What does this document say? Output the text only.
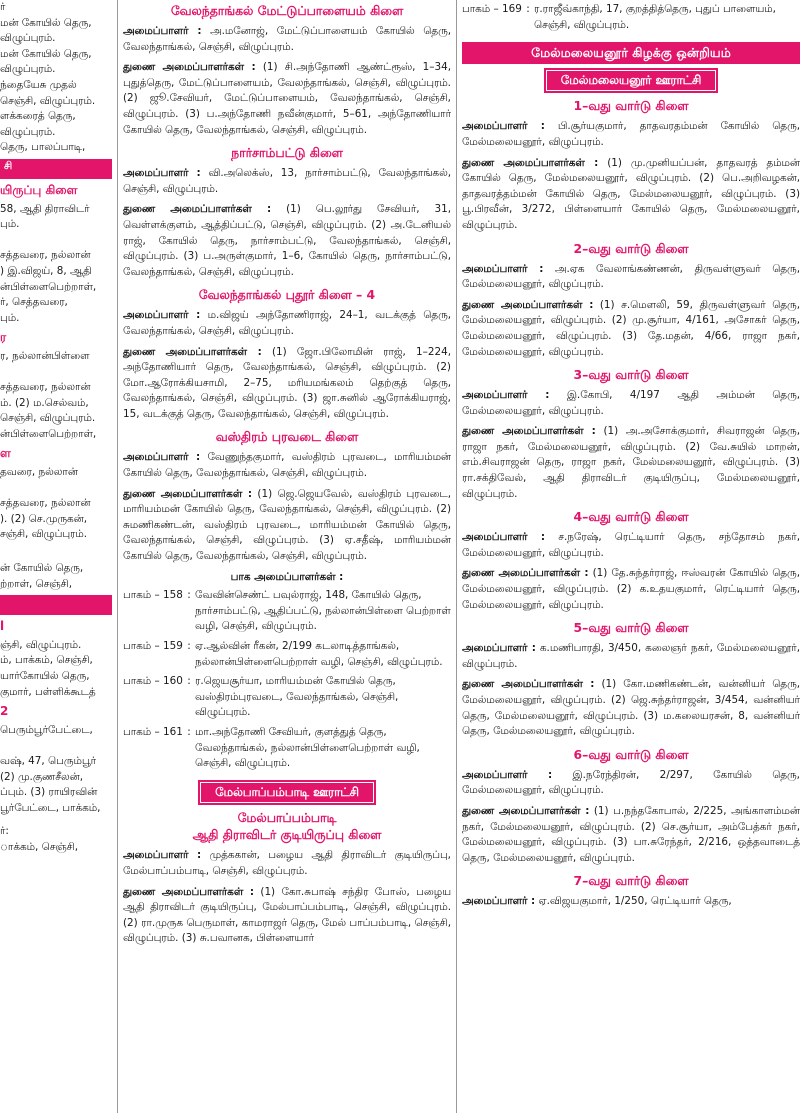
ர்
மன் கோயில் தெரு,
விழுப்புரம்.
மன் கோயில் தெரு,
விழுப்புரம்.
ந்தையேசு முதல்
செஞ்சி, விழுப்புரம்.
ளக்கரைத் தெரு,
விழுப்புரம்.
தெரு, பாலப்பாடி,
சி
யிருப்பு கிளை
58, ஆதி திராவிடர்
பும்.
சத்தவரை, நல்லான்
) இ.விஜய், 8, ஆதி
ன்பிள்ளைபெற்றாள்,
ர், செத்தவரை,
பும்.
ர
ர, நல்லான்பிள்ளை
சத்தவரை, நல்லான்
ம். (2) ம.செல்வம்,
செஞ்சி, விழுப்புரம்.
ன்பிள்ளைபெற்றாள்,
ள
தவரை, நல்லான்
சத்தவரை, நல்லான்
). (2) செ.முருகன்,
சஞ்சி, விழுப்புரம்.
ன் கோயில் தெரு,
ற்றாள், செஞ்சி,
l
ஞ்சி, விழுப்புரம்.
ம், பாக்கம், செஞ்சி,
யார்கோயில் தெரு,
குமார், பள்ளிக்கூடத்
2
பெரும்பூர்பேட்டை,
வஷ், 47, பெரும்பூர்
(2) மு.குணசீலன்,
ப்பும். (3) ராயிரவின்
பூர்பேட்டை, பாக்கம்,
ர்:
ாக்கம், செஞ்சி,
வேலந்தாங்கல் மேட்டுப்பாளையம் கிளை

அமைப்பாளர் : அ.மனோஜ், மேட்டுப்பாளையம் கோயில் தெரு, வேலந்தாங்கல், செஞ்சி, விழுப்புரம்.

துணை அமைப்பாளர்கள் : (1) சி.அந்தோணி ஆண்ட்ரூஸ், 1–34, புதுத்தெரு, மேட்டுப்பாளையம், வேலந்தாங்கல், செஞ்சி, விழுப்புரம். (2) ஜூ.சேவியர், மேட்டுப்பாளையம், வேலந்தாங்கல், செஞ்சி, விழுப்புரம். (3) ப.அந்தோணி நவீன்குமார், 5–61, அந்தோணியார் கோயில் தெரு, வேலந்தாங்கல், செஞ்சி, விழுப்புரம்.

நார்சாம்பட்டு கிளை

அமைப்பாளர் : வி.அலெக்ஸ், 13, நார்சாம்பட்டு, வேலந்தாங்கல், செஞ்சி, விழுப்புரம்.

துணை அமைப்பாளர்கள் : (1) பெ.லூர்து சேவியர், 31, வெள்ளக்குளம், ஆத்திப்பட்டு, செஞ்சி, விழுப்புரம். (2) அ.டேனியல் ராஜ், கோயில் தெரு, நார்சாம்பட்டு, வேலந்தாங்கல், செஞ்சி, விழுப்புரம். (3) ப.அருள்குமார், 1–6, கோயில் தெரு, நார்சாம்பட்டு, வேலந்தாங்கல், செஞ்சி, விழுப்புரம்.

வேலந்தாங்கல் புதூர் கிளை – 4

அமைப்பாளர் : ம.விஜய் அந்தோணிராஜ், 24–1, வடக்குத் தெரு, வேலந்தாங்கல், செஞ்சி, விழுப்புரம்.

துணை அமைப்பாளர்கள் : (1) ஜோ.பிலோமின் ராஜ், 1–224, அந்தோணியார் தெரு, வேலந்தாங்கல், செஞ்சி, விழுப்புரம். (2) மோ.ஆரோக்கியசாமி, 2–75, மரியமங்கலம் தெற்குத் தெரு, வேலந்தாங்கல், செஞ்சி, விழுப்புரம். (3) ஜா.சுனில் ஆரோக்கியராஜ், 15, வடக்குத் தெரு, வேலந்தாங்கல், செஞ்சி, விழுப்புரம்.

வஸ்திரம் புரவடை கிளை

அமைப்பாளர் : வேணுந்தகுமார், வஸ்திரம் புரவடை, மாரியம்மன் கோயில் தெரு, வேலந்தாங்கல், செஞ்சி, விழுப்புரம்.

துணை அமைப்பாளர்கள் : (1) ஜெ.ஜெயவேல், வஸ்திரம் புரவடை, மாரியம்மன் கோயில் தெரு, வேலந்தாங்கல், செஞ்சி, விழுப்புரம். (2) சுமணிகண்டன், வஸ்திரம் புரவடை, மாரியம்மன் கோயில் தெரு, வேலந்தாங்கல், செஞ்சி, விழுப்புரம். (3) ஏ.சதீஷ், மாரியம்மன் கோயில் தெரு, வேலந்தாங்கல், செஞ்சி, விழுப்புரம்.

பாக அமைப்பாளர்கள் :
பாகம் – 158	:	வேவின்செண்ட் பவுல்ராஜ், 148, கோயில் தெரு, நார்சாம்பட்டு, ஆதிப்பட்டு, நல்லான்பிள்ளை பெற்றாள் வழி, செஞ்சி, விழுப்புரம்.
பாகம் – 159	:	ஏ.ஆல்வின் ரீகன், 2/199 கடலாடித்தாங்கல், நல்லான்பிள்ளைபெற்றாள் வழி, செஞ்சி, விழுப்புரம்.
பாகம் – 160	:	ர.ஜெயசூர்யா, மாரியம்மன் கோயில் தெரு, வஸ்திரம்புரவடை, வேலந்தாங்கல், செஞ்சி, விழுப்புரம்.
பாகம் – 161	:	மா.அந்தோணி சேவியர், குளத்துத் தெரு, வேலந்தாங்கல், நல்லான்பிள்ளைபெற்றாள் வழி, செஞ்சி, விழுப்புரம்.
மேல்பாப்பம்பாடி ஊராட்சி
மேல்பாப்பம்பாடி
ஆதி திராவிடர் குடியிருப்பு கிளை

அமைப்பாளர் : முத்ககான், பழைய ஆதி திராவிடர் குடியிருப்பு, மேல்பாப்பம்பாடி, செஞ்சி, விழுப்புரம்.

துணை அமைப்பாளர்கள் : (1) கோ.சுபாஷ் சந்திர போஸ், பழைய ஆதி திராவிடர் குடியிருப்பு, மேல்பாப்பம்பாடி, செஞ்சி, விழுப்புரம். (2) ரா.முருக பெருமாள், காமராஜர் தெரு, மேல் பாப்பம்பாடி, செஞ்சி, விழுப்புரம். (3) சு.பவானக, பிள்ளையார்

பாகம் – 169	:	ர.ராஜீவ்காந்தி, 17, குறத்தித்தெரு, புதுப் பாளையம், செஞ்சி, விழுப்புரம்.
மேல்மலையனூர் கிழக்கு ஒன்றியம்
மேல்மலையனூர் ஊராட்சி
1–வது வார்டு கிளை

அமைப்பாளர் : பி.சூர்யகுமார், தாதவரதம்மன் கோயில் தெரு, மேல்மலையனூர், விழுப்புரம்.

துணை அமைப்பாளர்கள் : (1) மு.முனியப்பன், தாதவரத் தம்மன் கோயில் தெரு, மேல்மலையனூர், விழுப்புரம். (2) பெ.அறிவழகன், தாதவரத்தம்மன் கோயில் தெரு, மேல்மலையனூர், விழுப்புரம். (3) பூ.பிரவீன், 3/272, பிள்ளையார் கோயில் தெரு, மேல்மலையனூர், விழுப்புரம்.

2–வது வார்டு கிளை

அமைப்பாளர் : அ.ஏக வேலாங்கண்ணன், திருவள்ளுவர் தெரு, மேல்மலையனூர், விழுப்புரம்.

துணை அமைப்பாளர்கள் : (1) ச.மௌலி, 59, திருவள்ளுவர் தெரு, மேல்மலையனூர், விழுப்புரம். (2) மு.சூர்யா, 4/161, அசோகர் தெரு, மேல்மலையனூர், விழுப்புரம். (3) தே.மதன், 4/66, ராஜா நகர், மேல்மலையனூர், விழுப்புரம்.

3–வது வார்டு கிளை

அமைப்பாளர் : இ.கோபி, 4/197 ஆதி அம்மன் தெரு, மேல்மலையனூர், விழுப்புரம்.

துணை அமைப்பாளர்கள் : (1) அ.அசோக்குமார், சிவராஜன் தெரு, ராஜா நகர், மேல்மலையனூர், விழுப்புரம். (2) வே.சுயில் மாறன், எம்.சிவராஜன் தெரு, ராஜா நகர், மேல்மலையனூர், விழுப்புரம். (3) ரா.சக்திவேல், ஆதி திராவிடர் குடியிருப்பு, மேல்மலையனூர், விழுப்புரம்.

4–வது வார்டு கிளை

அமைப்பாளர் : ச.நரேஷ், ரெட்டியார் தெரு, சந்தோசம் நகர், மேல்மலையனூர், விழுப்புரம்.

துணை அமைப்பாளர்கள் : (1) தே.சுந்தர்ராஜ், ஈஸ்வரன் கோயில் தெரு, மேல்மலையனூர், விழுப்புரம். (2) க.உதயகுமார், ரெட்டியார் தெரு, மேல்மலையனூர், விழுப்புரம்.

5–வது வார்டு கிளை

அமைப்பாளர் : க.மணிபாரதி, 3/450, கலைஞர் நகர், மேல்மலையனூர், விழுப்புரம்.

துணை அமைப்பாளர்கள் : (1) கோ.மணிகண்டன், வன்னியர் தெரு, மேல்மலையனூர், விழுப்புரம். (2) ஜெ.சுந்தர்ராஜன், 3/454, வன்னியர் தெரு, மேல்மலையனூர், விழுப்புரம். (3) ம.கலையரசன், 8, வன்னியர் தெரு, மேல்மலையனூர், விழுப்புரம்.

6–வது வார்டு கிளை

அமைப்பாளர் : இ.நரேந்திரன், 2/297, கோயில் தெரு, மேல்மலையனூர், விழுப்புரம்.

துணை அமைப்பாளர்கள் : (1) ப.நந்தகோபால், 2/225, அங்காளம்மன் நகர், மேல்மலையனூர், விழுப்புரம். (2) செ.சூர்யா, அம்பேத்கர் நகர், மேல்மலையனூர், விழுப்புரம். (3) பா.சுரேந்தர், 2/216, ஒத்தவாடைத் தெரு, மேல்மலையனூர், விழுப்புரம்.

7–வது வார்டு கிளை

அமைப்பாளர் : ஏ.விஜயகுமார், 1/250, ரெட்டியார் தெரு,
